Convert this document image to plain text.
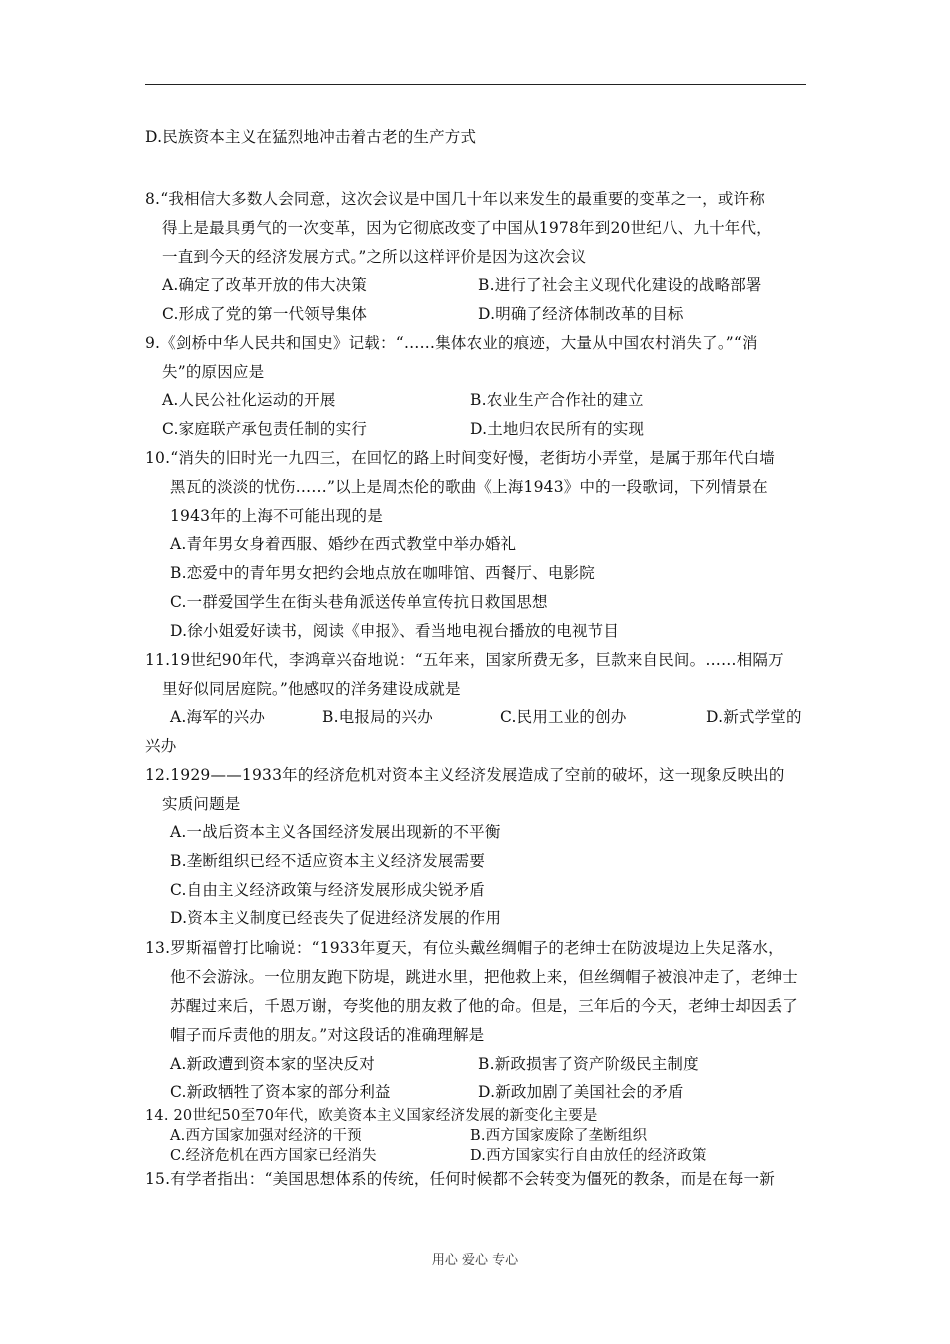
D.民族资本主义在猛烈地冲击着古老的生产方式
8.“我相信大多数人会同意，这次会议是中国几十年以来发生的最重要的变革之一，或许称
得上是最具勇气的一次变革，因为它彻底改变了中国从1978年到20世纪八、九十年代，
一直到今天的经济发展方式。”之所以这样评价是因为这次会议
A.确定了改革开放的伟大决策	B.进行了社会主义现代化建设的战略部署
C.形成了党的第一代领导集体	D.明确了经济体制改革的目标
9.《剑桥中华人民共和国史》记载：“……集体农业的痕迹，大量从中国农村消失了。”“消
失”的原因应是
A.人民公社化运动的开展	B.农业生产合作社的建立
C.家庭联产承包责任制的实行	D.土地归农民所有的实现
10.“消失的旧时光一九四三，在回忆的路上时间变好慢，老街坊小弄堂，是属于那年代白墙
黑瓦的淡淡的忧伤……”以上是周杰伦的歌曲《上海1943》中的一段歌词，下列情景在
1943年的上海不可能出现的是
A.青年男女身着西服、婚纱在西式教堂中举办婚礼
B.恋爱中的青年男女把约会地点放在咖啡馆、西餐厅、电影院
C.一群爱国学生在街头巷角派送传单宣传抗日救国思想
D.徐小姐爱好读书，阅读《申报》、看当地电视台播放的电视节目
11.19世纪90年代，李鸿章兴奋地说：“五年来，国家所费无多，巨款来自民间。……相隔万
里好似同居庭院。”他感叹的洋务建设成就是
A.海军的兴办	B.电报局的兴办	C.民用工业的创办	D.新式学堂的
兴办
12.1929——1933年的经济危机对资本主义经济发展造成了空前的破坏，这一现象反映出的
实质问题是
A.一战后资本主义各国经济发展出现新的不平衡
B.垄断组织已经不适应资本主义经济发展需要
C.自由主义经济政策与经济发展形成尖锐矛盾
D.资本主义制度已经丧失了促进经济发展的作用
13.罗斯福曾打比喻说：“1933年夏天，有位头戴丝绸帽子的老绅士在防波堤边上失足落水，
他不会游泳。一位朋友跑下防堤，跳进水里，把他救上来，但丝绸帽子被浪冲走了，老绅士
苏醒过来后，千恩万谢，夸奖他的朋友救了他的命。但是，三年后的今天，老绅士却因丢了
帽子而斥责他的朋友。”对这段话的准确理解是
A.新政遭到资本家的坚决反对	B.新政损害了资产阶级民主制度
C.新政牺牲了资本家的部分利益	D.新政加剧了美国社会的矛盾
14. 20世纪50至70年代，欧美资本主义国家经济发展的新变化主要是
A.西方国家加强对经济的干预	B.西方国家废除了垄断组织
C.经济危机在西方国家已经消失	D.西方国家实行自由放任的经济政策
15.有学者指出：“美国思想体系的传统，任何时候都不会转变为僵死的教条，而是在每一新
用心 爱心 专心
